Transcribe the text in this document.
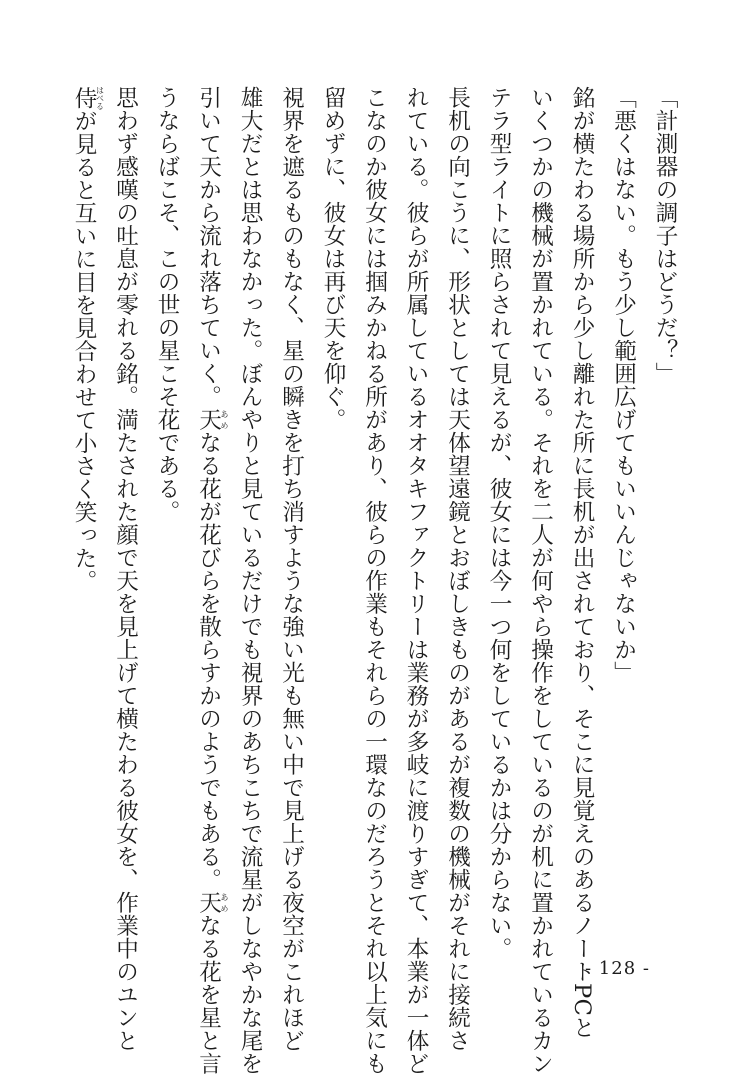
「計測器の調子はどうだ？」
「悪くはない。もう少し範囲広げてもいいんじゃないか」
銘が横たわる場所から少し離れた所に長机が出されており、そこに見覚えのあるノートPCと
いくつかの機械が置かれている。それを二人が何やら操作をしているのが机に置かれているカン
テラ型ライトに照らされて見えるが、彼女には今一つ何をしているかは分からない。
長机の向こうに、形状としては天体望遠鏡とおぼしきものがあるが複数の機械がそれに接続さ
れている。彼らが所属しているオオタキファクトリーは業務が多岐に渡りすぎて、本業が一体ど
こなのか彼女には掴みかねる所があり、彼らの作業もそれらの一環なのだろうとそれ以上気にも
留めずに、彼女は再び天を仰ぐ。
視界を遮るものもなく、星の瞬きを打ち消すような強い光も無い中で見上げる夜空がこれほど
雄大だとは思わなかった。ぼんやりと見ているだけでも視界のあちこちで流星がしなやかな尾を
引いて天から流れ落ちていく。天あめなる花が花びらを散らすかのようでもある。天あめなる花を星と言
うならばこそ、この世の星こそ花である。
思わず感嘆の吐息が零れる銘。満たされた顔で天を見上げて横たわる彼女を、作業中のユンと
侍はべるが見ると互いに目を見合わせて小さく笑った。
- 128 -
